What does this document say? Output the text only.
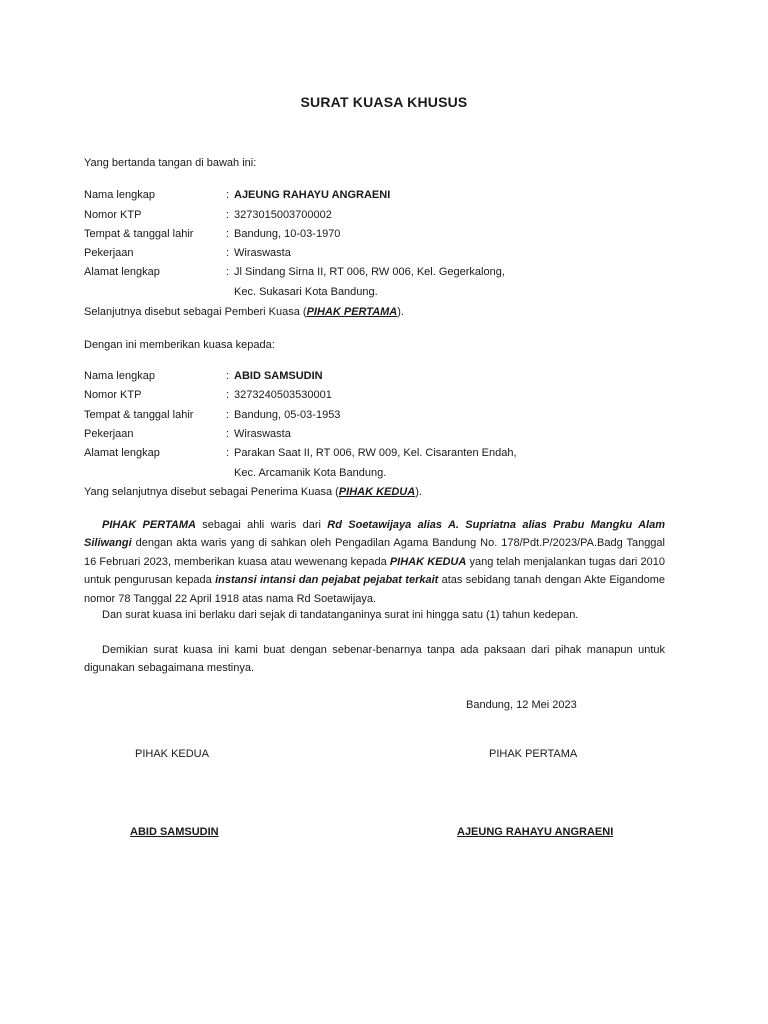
SURAT KUASA KHUSUS
Yang bertanda tangan di bawah ini:
Nama lengkap	: AJEUNG RAHAYU ANGRAENI
Nomor KTP	: 3273015003700002
Tempat & tanggal lahir	: Bandung, 10-03-1970
Pekerjaan	: Wiraswasta
Alamat lengkap	: Jl Sindang Sirna II, RT 006, RW 006, Kel. Gegerkalong,
Kec. Sukasari Kota Bandung.
Selanjutnya disebut sebagai Pemberi Kuasa (PIHAK PERTAMA).
Dengan ini memberikan kuasa kepada:
Nama lengkap	: ABID SAMSUDIN
Nomor KTP	: 3273240503530001
Tempat & tanggal lahir	: Bandung, 05-03-1953
Pekerjaan	: Wiraswasta
Alamat lengkap	: Parakan Saat II, RT 006, RW 009, Kel. Cisaranten Endah,
Kec. Arcamanik Kota Bandung.
Yang selanjutnya disebut sebagai Penerima Kuasa (PIHAK KEDUA).
PIHAK PERTAMA sebagai ahli waris dari Rd Soetawijaya alias A. Supriatna alias Prabu Mangku Alam Siliwangi dengan akta waris yang di sahkan oleh Pengadilan Agama Bandung No. 178/Pdt.P/2023/PA.Badg Tanggal 16 Februari 2023, memberikan kuasa atau wewenang kepada PIHAK KEDUA yang telah menjalankan tugas dari 2010 untuk pengurusan kepada instansi intansi dan pejabat pejabat terkait atas sebidang tanah dengan Akte Eigandome nomor 78 Tanggal 22 April 1918 atas nama Rd Soetawijaya.
Dan surat kuasa ini berlaku dari sejak di tandatanganinya surat ini hingga satu (1) tahun kedepan.
Demikian surat kuasa ini kami buat dengan sebenar-benarnya tanpa ada paksaan dari pihak manapun untuk digunakan sebagaimana mestinya.
Bandung, 12 Mei 2023
PIHAK KEDUA	PIHAK PERTAMA
ABID SAMSUDIN	AJEUNG RAHAYU ANGRAENI
